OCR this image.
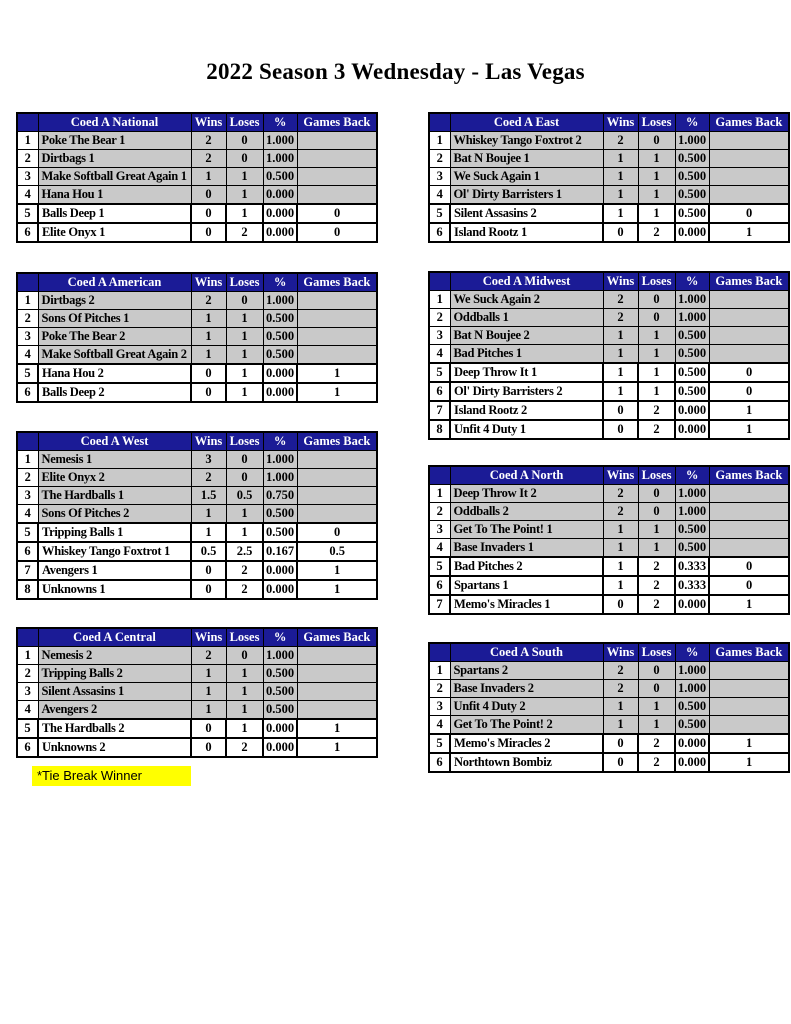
2022 Season 3 Wednesday - Las Vegas
	Coed A National	Wins	Loses	%	Games Back
1	Poke The Bear 1	2	0	1.000	
2	Dirtbags 1	2	0	1.000	
3	Make Softball Great Again 1	1	1	0.500	
4	Hana Hou 1	0	1	0.000	
5	Balls Deep 1	0	1	0.000	0
6	Elite Onyx 1	0	2	0.000	0
	Coed A East	Wins	Loses	%	Games Back
1	Whiskey Tango Foxtrot 2	2	0	1.000	
2	Bat N Boujee 1	1	1	0.500	
3	We Suck Again 1	1	1	0.500	
4	Ol' Dirty Barristers 1	1	1	0.500	
5	Silent Assasins 2	1	1	0.500	0
6	Island Rootz 1	0	2	0.000	1
	Coed A American	Wins	Loses	%	Games Back
1	Dirtbags 2	2	0	1.000	
2	Sons Of Pitches 1	1	1	0.500	
3	Poke The Bear 2	1	1	0.500	
4	Make Softball Great Again 2	1	1	0.500	
5	Hana Hou 2	0	1	0.000	1
6	Balls Deep 2	0	1	0.000	1
	Coed A Midwest	Wins	Loses	%	Games Back
1	We Suck Again 2	2	0	1.000	
2	Oddballs 1	2	0	1.000	
3	Bat N Boujee 2	1	1	0.500	
4	Bad Pitches 1	1	1	0.500	
5	Deep Throw It 1	1	1	0.500	0
6	Ol' Dirty Barristers 2	1	1	0.500	0
7	Island Rootz 2	0	2	0.000	1
8	Unfit 4 Duty 1	0	2	0.000	1
	Coed A West	Wins	Loses	%	Games Back
1	Nemesis 1	3	0	1.000	
2	Elite Onyx 2	2	0	1.000	
3	The Hardballs 1	1.5	0.5	0.750	
4	Sons Of Pitches 2	1	1	0.500	
5	Tripping Balls 1	1	1	0.500	0
6	Whiskey Tango Foxtrot 1	0.5	2.5	0.167	0.5
7	Avengers 1	0	2	0.000	1
8	Unknowns 1	0	2	0.000	1
	Coed A North	Wins	Loses	%	Games Back
1	Deep Throw It 2	2	0	1.000	
2	Oddballs 2	2	0	1.000	
3	Get To The Point! 1	1	1	0.500	
4	Base Invaders 1	1	1	0.500	
5	Bad Pitches 2	1	2	0.333	0
6	Spartans 1	1	2	0.333	0
7	Memo's Miracles 1	0	2	0.000	1
	Coed A Central	Wins	Loses	%	Games Back
1	Nemesis 2	2	0	1.000	
2	Tripping Balls 2	1	1	0.500	
3	Silent Assasins 1	1	1	0.500	
4	Avengers 2	1	1	0.500	
5	The Hardballs 2	0	1	0.000	1
6	Unknowns 2	0	2	0.000	1
	Coed A South	Wins	Loses	%	Games Back
1	Spartans 2	2	0	1.000	
2	Base Invaders 2	2	0	1.000	
3	Unfit 4 Duty 2	1	1	0.500	
4	Get To The Point! 2	1	1	0.500	
5	Memo's Miracles 2	0	2	0.000	1
6	Northtown Bombiz	0	2	0.000	1
*Tie Break Winner
